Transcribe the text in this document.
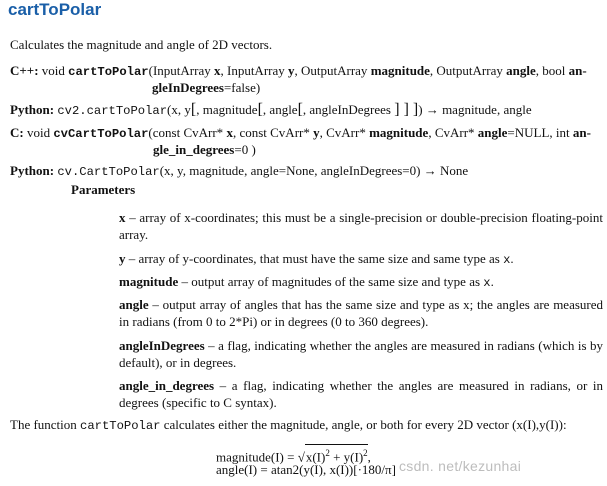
cartToPolar

Calculates the magnitude and angle of 2D vectors.

C++: void cartToPolar(InputArray x, InputArray y, OutputArray magnitude, OutputArray angle, bool an-
gleInDegrees=false)
Python: cv2.cartToPolar(x, y[, magnitude[, angle[, angleInDegrees ] ] ]) → magnitude, angle
C: void cvCartToPolar(const CvArr* x, const CvArr* y, CvArr* magnitude, CvArr* angle=NULL, int an-
gle_in_degrees=0 )
Python: cv.CartToPolar(x, y, magnitude, angle=None, angleInDegrees=0) → None
Parameters
x – array of x-coordinates; this must be a single-precision or double-precision floating-point array.
y – array of y-coordinates, that must have the same size and same type as x.
magnitude – output array of magnitudes of the same size and type as x.
angle – output array of angles that has the same size and type as x; the angles are measured in radians (from 0 to 2*Pi) or in degrees (0 to 360 degrees).
angleInDegrees – a flag, indicating whether the angles are measured in radians (which is by default), or in degrees.
angle_in_degrees – a flag, indicating whether the angles are measured in radians, or in degrees (specific to C syntax).

The function cartToPolar calculates either the magnitude, angle, or both for every 2D vector (x(I),y(I)):

magnitude(I) = $√x(I)^2 + y(I)^2$,
angle(I) = atan2(y(I), x(I))[·180/π] csdn. net/kezunhai
